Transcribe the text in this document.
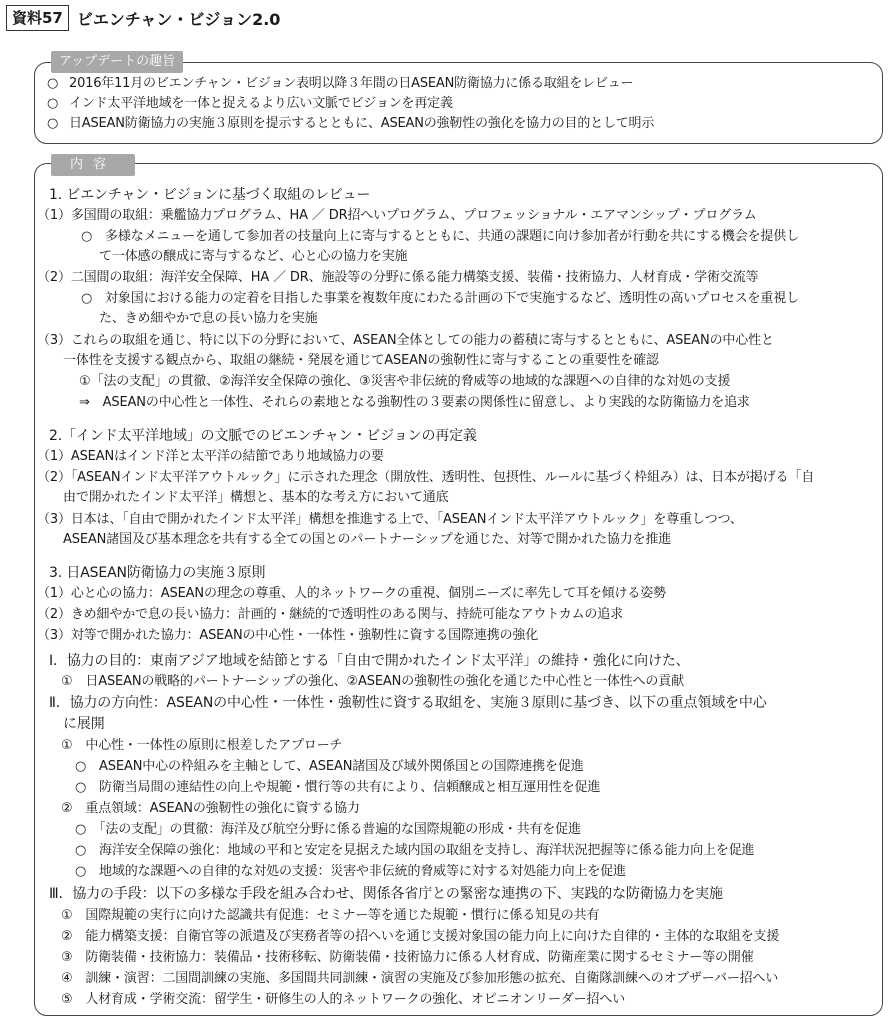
資料57 ビエンチャン・ビジョン2.0
アップデートの趣旨
○ 2016年11月のビエンチャン・ビジョン表明以降３年間の日ASEAN防衛協力に係る取組をレビュー
○ インド太平洋地域を一体と捉えるより広い文脈でビジョンを再定義
○ 日ASEAN防衛協力の実施３原則を提示するとともに、ASEANの強靭性の強化を協力の目的として明示
内容
1. ビエンチャン・ビジョンに基づく取組のレビュー
（1）多国間の取組：乗艦協力プログラム、HA ／ DR招へいプログラム、プロフェッショナル・エアマンシップ・プログラム
○　多様なメニューを通して参加者の技量向上に寄与するとともに、共通の課題に向け参加者が行動を共にする機会を提供し
て一体感の醸成に寄与するなど、心と心の協力を実施
（2）二国間の取組：海洋安全保障、HA ／ DR、施設等の分野に係る能力構築支援、装備・技術協力、人材育成・学術交流等
○　対象国における能力の定着を目指した事業を複数年度にわたる計画の下で実施するなど、透明性の高いプロセスを重視し
た、きめ細やかで息の長い協力を実施
（3）これらの取組を通じ、特に以下の分野において、ASEAN全体としての能力の蓄積に寄与するとともに、ASEANの中心性と
一体性を支援する観点から、取組の継続・発展を通じてASEANの強靭性に寄与することの重要性を確認
①「法の支配」の貫徹、②海洋安全保障の強化、③災害や非伝統的脅威等の地域的な課題への自律的な対処の支援
⇒　ASEANの中心性と一体性、それらの素地となる強靭性の３要素の関係性に留意し、より実践的な防衛協力を追求
2.「インド太平洋地域」の文脈でのビエンチャン・ビジョンの再定義
（1）ASEANはインド洋と太平洋の結節であり地域協力の要
（2）「ASEANインド太平洋アウトルック」に示された理念（開放性、透明性、包摂性、ルールに基づく枠組み）は、日本が掲げる「自
由で開かれたインド太平洋」構想と、基本的な考え方において通底
（3）日本は、「自由で開かれたインド太平洋」構想を推進する上で、「ASEANインド太平洋アウトルック」を尊重しつつ、
ASEAN諸国及び基本理念を共有する全ての国とのパートナーシップを通じた、対等で開かれた協力を推進
3. 日ASEAN防衛協力の実施３原則
（1）心と心の協力：ASEANの理念の尊重、人的ネットワークの重視、個別ニーズに率先して耳を傾ける姿勢
（2）きめ細やかで息の長い協力：計画的・継続的で透明性のある関与、持続可能なアウトカムの追求
（3）対等で開かれた協力：ASEANの中心性・一体性・強靭性に資する国際連携の強化
Ⅰ．協力の目的：東南アジア地域を結節とする「自由で開かれたインド太平洋」の維持・強化に向けた、
①　日ASEANの戦略的パートナーシップの強化、②ASEANの強靭性の強化を通じた中心性と一体性への貢献
Ⅱ．協力の方向性：ASEANの中心性・一体性・強靭性に資する取組を、実施３原則に基づき、以下の重点領域を中心
に展開
①　中心性・一体性の原則に根差したアプローチ
○　ASEAN中心の枠組みを主軸として、ASEAN諸国及び域外関係国との国際連携を促進
○　防衛当局間の連結性の向上や規範・慣行等の共有により、信頼醸成と相互運用性を促進
②　重点領域：ASEANの強靭性の強化に資する協力
○　「法の支配」の貫徹：海洋及び航空分野に係る普遍的な国際規範の形成・共有を促進
○　海洋安全保障の強化：地域の平和と安定を見据えた域内国の取組を支持し、海洋状況把握等に係る能力向上を促進
○　地域的な課題への自律的な対処の支援：災害や非伝統的脅威等に対する対処能力向上を促進
Ⅲ．協力の手段：以下の多様な手段を組み合わせ、関係各省庁との緊密な連携の下、実践的な防衛協力を実施
①　国際規範の実行に向けた認識共有促進：セミナー等を通じた規範・慣行に係る知見の共有
②　能力構築支援：自衛官等の派遣及び実務者等の招へいを通じ支援対象国の能力向上に向けた自律的・主体的な取組を支援
③　防衛装備・技術協力：装備品・技術移転、防衛装備・技術協力に係る人材育成、防衛産業に関するセミナー等の開催
④　訓練・演習：二国間訓練の実施、多国間共同訓練・演習の実施及び参加形態の拡充、自衛隊訓練へのオブザーバー招へい
⑤　人材育成・学術交流：留学生・研修生の人的ネットワークの強化、オピニオンリーダー招へい
